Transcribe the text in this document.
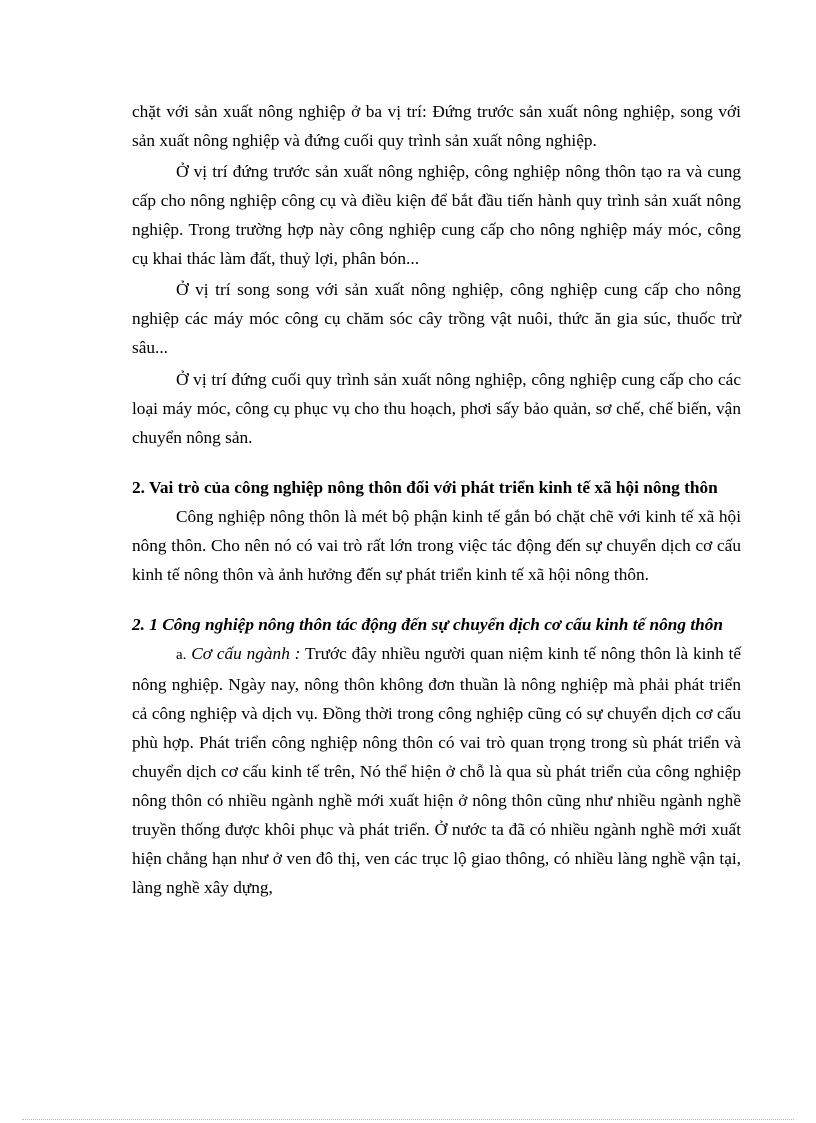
chặt với sản xuất nông nghiệp ở ba vị trí: Đứng trước sản xuất nông nghiệp, song với sản xuất nông nghiệp và đứng cuối quy trình sản xuất nông nghiệp.

Ở vị trí đứng trước sản xuất nông nghiệp, công nghiệp nông thôn tạo ra và cung cấp cho nông nghiệp công cụ và điều kiện để bắt đầu tiến hành quy trình sản xuất nông nghiệp. Trong trường hợp này công nghiệp cung cấp cho nông nghiệp máy móc, công cụ khai thác làm đất, thuỷ lợi, phân bón...

Ở vị trí song song với sản xuất nông nghiệp, công nghiệp cung cấp cho nông nghiệp các máy móc công cụ chăm sóc cây trồng vật nuôi, thức ăn gia súc, thuốc trừ sâu...

Ở vị trí đứng cuối quy trình sản xuất nông nghiệp, công nghiệp cung cấp cho các loại máy móc, công cụ phục vụ cho thu hoạch, phơi sấy bảo quản, sơ chế, chế biến, vận chuyển nông sản.

2. Vai trò của công nghiệp nông thôn đối với phát triển kinh tế xã hội nông thôn

Công nghiệp nông thôn là mét bộ phận kinh tế gắn bó chặt chẽ với kinh tế xã hội nông thôn. Cho nên nó có vai trò rất lớn trong việc tác động đến sự chuyển dịch cơ cấu kinh tế nông thôn và ảnh hưởng đến sự phát triển kinh tế xã hội nông thôn.

2. 1 Công nghiệp nông thôn tác động đến sự chuyển dịch cơ cấu kinh tế nông thôn

a. Cơ cấu ngành : Trước đây nhiều người quan niệm kinh tế nông thôn là kinh tế nông nghiệp. Ngày nay, nông thôn không đơn thuần là nông nghiệp mà phải phát triển cả công nghiệp và dịch vụ. Đồng thời trong công nghiệp cũng có sự chuyển dịch cơ cấu phù hợp. Phát triển công nghiệp nông thôn có vai trò quan trọng trong sù phát triển và chuyển dịch cơ cấu kinh tế trên, Nó thể hiện ở chỗ là qua sù phát triển của công nghiệp nông thôn có nhiều ngành nghề mới xuất hiện ở nông thôn cũng như nhiều ngành nghề truyền thống được khôi phục và phát triển. Ở nước ta đã có nhiều ngành nghề mới xuất hiện chẳng hạn như ở ven đô thị, ven các trục lộ giao thông, có nhiều làng nghề vận tại, làng nghề xây dựng,
